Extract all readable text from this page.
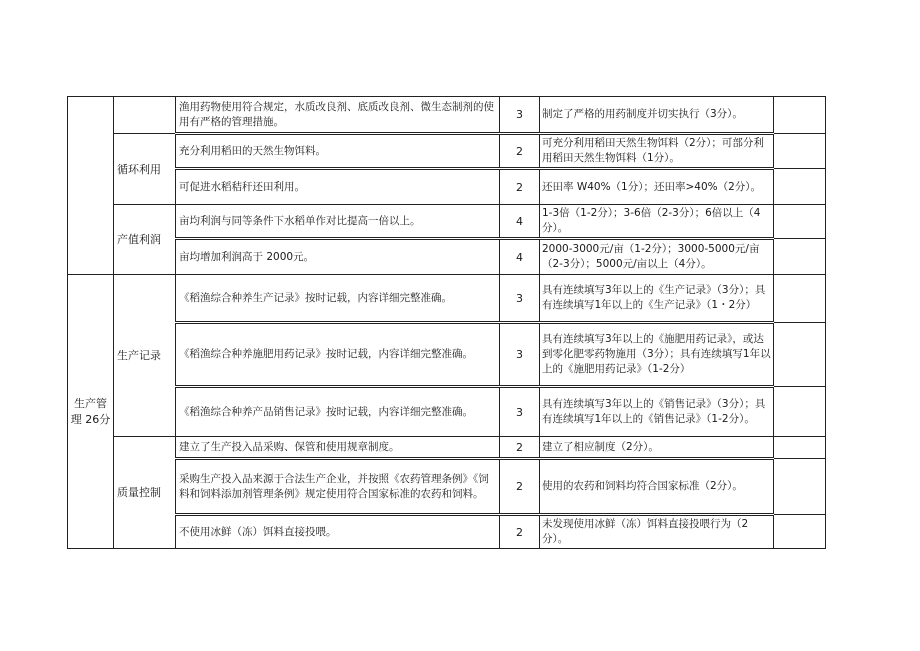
		渔用药物使用符合规定，水质改良剂、底质改良剂、微生态制剂的使用有严格的管理措施。	3	制定了严格的用药制度并切实执行（3分）。	
	循环利用	充分利用稻田的天然生物饵料。	2	可充分利用稻田天然生物饵料（2分）；可部分利用稻田天然生物饵料（1分）。	
		可促进水稻秸秆还田利用。	2	还田率 W40%（1分）；还田率>40%（2分）。	
	产值利润	亩均利润与同等条件下水稻单作对比提高一倍以上。	4	1-3倍（1-2分）；3-6倍（2-3分）；6倍以上（4分）。	
		亩均增加利润高于 2000元。	4	2000-3000元/亩（1-2分）；3000-5000元/亩（2-3分）；5000元/亩以上（4分）。	
生产管理 26分	生产记录	《稻渔综合种养生产记录》按时记载，内容详细完整准确。	3	具有连续填写3年以上的《生产记录》（3分）；具有连续填写1年以上的《生产记录》（1・2分）	
		《稻渔综合种养施肥用药记录》按时记载，内容详细完整准确。	3	具有连续填写3年以上的《施肥用药记录》，或达到零化肥零药物施用（3分）；具有连续填写1年以上的《施肥用药记录》（1-2分）	
		《稻渔综合种养产品销售记录》按时记载，内容详细完整准确。	3	具有连续填写3年以上的《销售记录》（3分）；具有连续填写1年以上的《销售记录》（1-2分）。	
	质量控制	建立了生产投入品采购、保管和使用规章制度。	2	建立了相应制度（2分）。	
		采购生产投入品来源于合法生产企业，并按照《农药管理条例》《饲料和饲料添加剂管理条例》规定使用符合国家标准的农药和饲料。	2	使用的农药和饲料均符合国家标准（2分）。	
		不使用冰鲜（冻）饵料直接投喂。	2	未发现使用冰鲜（冻）饵料直接投喂行为（2分）。	
